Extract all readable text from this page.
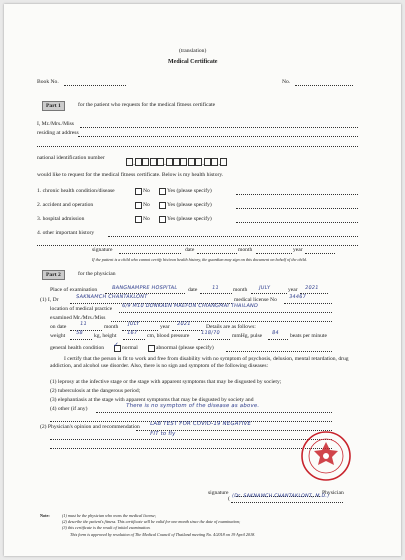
(translation)
Medical Certificate
Book No.	No.
Part 1	for the patient who requests for the medical fitness certificate
I, Mr./Mrs./Miss
residing at address
national identification number
-	-	-	-
would like to request for the medical fitness certificate. Below is my health history.
1. chronic health condition/disease	No	Yes (please specify)
2. accident and operation	No	Yes (please specify)
3. hospital admission	No	Yes (please specify)
4. other important history
signature	date	month	year
If the patient is a child who cannot certify his/own health history, the guardian may sign on this document on behalf of the child.
Part 2	for the physician
Place of examination	BANGNAMPRE HOSPITAL date	11 month JULY	year 2021
(1) I, Dr	SAKNAMCH CHANTAKLONT	medical license No 34467
location of medical practice 6/9 M10 DONKAEN MAEFON CHIANGMAI THAILAND
examined Mr./Mrs./Miss
on date	11	month JULY	year 2021	Details are as follows:
weight 58 kg, height 167 cm, blood pressure 118/70 mmHg, pulse 84 beats per minute
general health condition ✓ normal	abnormal (please specify)
I certify that the person is fit to work and free from disability with no symptom of psychosis, delusion, mental retardation, drug addiction, and alcohol use disorder. Also, there is no sign and symptom of the following diseases:
(1) leprosy at the infective stage or the stage with apparent symptoms that may be disgusted by society;
(2) tuberculosis at the dangerous period;
(3) elephantiasis at the stage with apparent symptoms that may be disgusted by society and
(4) other (if any)	There is no symptom of the disease as above.
(2) Physician's opinion and recommendation LAB TEST FOR COVID-19 NEGATIVE
FIT to fly
signature	Physician
( (Dr. SAKNAMCH CHANTAKLONT, M.D.)
Note:	(1) must be the physician who owns the medical license;
(2) describe the patient's fitness. This certificate will be valid for one month since the date of examination;
(3) this certificate is the result of initial examination.
This form is approved by resolution of The Medical Council of Thailand meeting No. 4/2018 on 19 April 2018.
